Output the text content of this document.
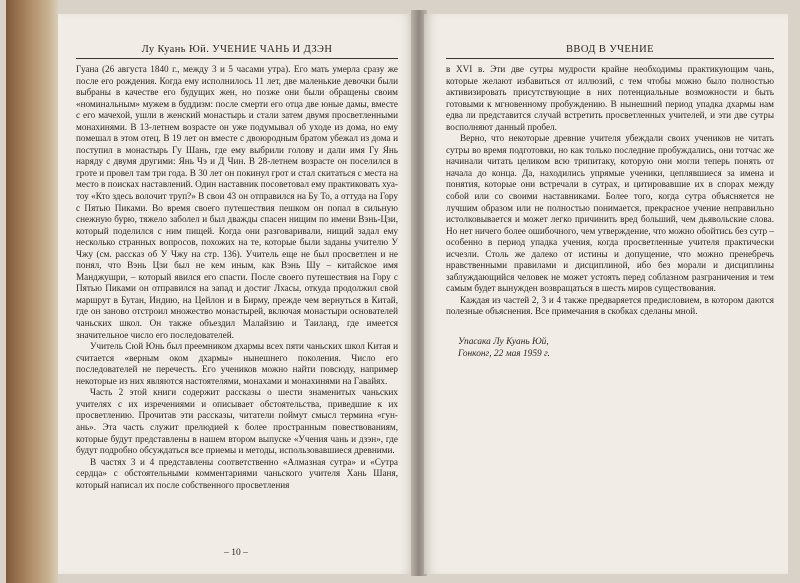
Лу Куань Юй. УЧЕНИЕ ЧАНЬ И ДЗЭН

Гуана (26 августа 1840 г., между 3 и 5 часами утра). Его мать умерла сразу же после его рождения. Когда ему исполнилось 11 лет, две маленькие девочки были выбраны в качестве его будущих жен, но позже они были обращены своим «номинальным» мужем в буддизм: после смерти его отца две юные дамы, вместе с его мачехой, ушли в женский монастырь и стали затем двумя просветленными монахинями. В 13-летнем возрасте он уже подумывал об уходе из дома, но ему помешал в этом отец. В 19 лет он вместе с двоюродным братом убежал из дома и поступил в монастырь Гу Шань, где ему выбрили голову и дали имя Гу Янь наряду с двумя другими: Янь Чэ и Д Чин. В 28-летнем возрасте он поселился в гроте и провел там три года. В 30 лет он покинул грот и стал скитаться с места на место в поисках наставлений. Один наставник посоветовал ему практиковать хуа-тоу «Кто здесь волочит труп?» В свои 43 он отправился на Бу То, а оттуда на Гору с Пятью Пиками. Во время своего путешествия пешком он попал в сильную снежную бурю, тяжело заболел и был дважды спасен нищим по имени Вэнь-Цзи, который поделился с ним пищей. Когда они разговаривали, нищий задал ему несколько странных вопросов, похожих на те, которые были заданы учителю У Чжу (см. рассказ об У Чжу на стр. 136). Учитель еще не был просветлен и не понял, что Вэнь Цзи был не кем иным, как Вэнь Шу – китайское имя Манджушри, – который явился его спасти. После своего путешествия на Гору с Пятью Пиками он отправился на запад и достиг Лхасы, откуда продолжил свой маршрут в Бутан, Индию, на Цейлон и в Бирму, прежде чем вернуться в Китай, где он заново отстроил множество монастырей, включая монастыри основателей чаньских школ. Он также объездил Малайзию и Таиланд, где имеется значительное число его последователей.

Учитель Сюй Юнь был преемником дхармы всех пяти чаньских школ Китая и считается «верным оком дхармы» нынешнего поколения. Число его последователей не перечесть. Его учеников можно найти повсюду, например некоторые из них являются настоятелями, монахами и монахинями на Гавайях.

Часть 2 этой книги содержит рассказы о шести знаменитых чаньских учителях с их изречениями и описывает обстоятельства, приведшие к их просветлению. Прочитав эти рассказы, читатели поймут смысл термина «гун-ань». Эта часть служит прелюдией к более пространным повествованиям, которые будут представлены в нашем втором выпуске «Учения чань и дзэн», где будут подробно обсуждаться все приемы и методы, использовавшиеся древними.

В частях 3 и 4 представлены соответственно «Алмазная сутра» и «Сутра сердца» с обстоятельными комментариями чаньского учителя Хань Шаня, который написал их после собственного просветления

– 10 –
ВВОД В УЧЕНИЕ

в XVI в. Эти две сутры мудрости крайне необходимы практикующим чань, которые желают избавиться от иллюзий, с тем чтобы можно было полностью активизировать присутствующие в них потенциальные возможности и быть готовыми к мгновенному пробуждению. В нынешний период упадка дхармы нам едва ли представится случай встретить просветленных учителей, и эти две сутры восполняют данный пробел.

Верно, что некоторые древние учителя убеждали своих учеников не читать сутры во время подготовки, но как только последние пробуждались, они тотчас же начинали читать целиком всю трипитаку, которую они могли теперь понять от начала до конца. Да, находились упрямые ученики, цеплявшиеся за имена и понятия, которые они встречали в сутрах, и цитировавшие их в спорах между собой или со своими наставниками. Более того, когда сутра объясняется не лучшим образом или не полностью понимается, прекрасное учение неправильно истолковывается и может легко причинить вред больший, чем дьявольские слова. Но нет ничего более ошибочного, чем утверждение, что можно обойтись без сутр – особенно в период упадка учения, когда просветленные учителя практически исчезли. Столь же далеко от истины и допущение, что можно пренебречь нравственными правилами и дисциплиной, ибо без морали и дисциплины заблуждающийся человек не может устоять перед соблазном разграничения и тем самым будет вынужден возвращаться в шесть миров существования.

Каждая из частей 2, 3 и 4 также предваряется предисловием, в котором даются полезные объяснения. Все примечания в скобках сделаны мной.

Упасака Лу Куань Юй,
Гонконг, 22 мая 1959 г.
